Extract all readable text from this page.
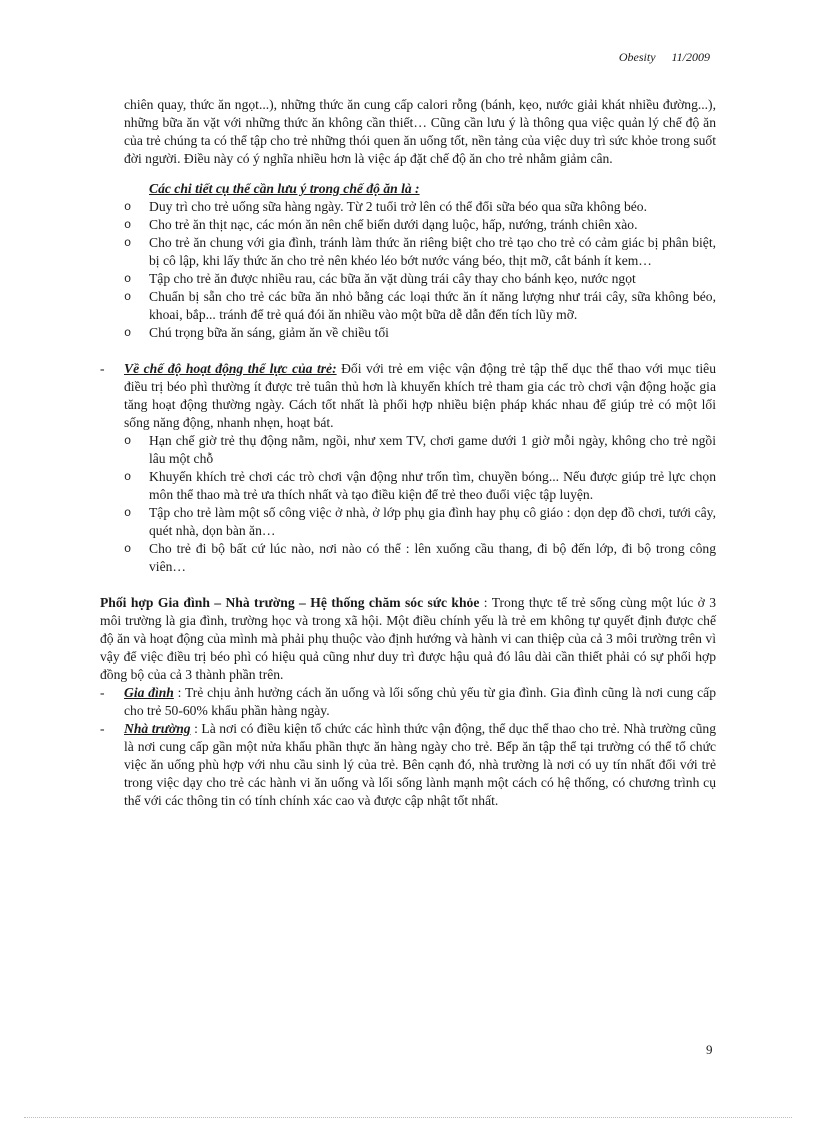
Obesity 11/2009

chiên quay, thức ăn ngọt...), những thức ăn cung cấp calori rỗng (bánh, kẹo, nước giải khát nhiều đường...), những bữa ăn vặt với những thức ăn không cần thiết… Cũng cần lưu ý là thông qua việc quản lý chế độ ăn của trẻ chúng ta có thể tập cho trẻ những thói quen ăn uống tốt, nền tảng của việc duy trì sức khỏe trong suốt đời người. Điều này có ý nghĩa nhiều hơn là việc áp đặt chế độ ăn cho trẻ nhằm giảm cân.

Các chi tiết cụ thể cần lưu ý trong chế độ ăn là :

o Duy trì cho trẻ uống sữa hàng ngày. Từ 2 tuổi trở lên có thể đổi sữa béo qua sữa không béo.
o Cho trẻ ăn thịt nạc, các món ăn nên chế biến dưới dạng luộc, hấp, nướng, tránh chiên xào.
o Cho trẻ ăn chung với gia đình, tránh làm thức ăn riêng biệt cho trẻ tạo cho trẻ có cảm giác bị phân biệt, bị cô lập, khi lấy thức ăn cho trẻ nên khéo léo bớt nước váng béo, thịt mỡ, cắt bánh ít kem…
o Tập cho trẻ ăn được nhiều rau, các bữa ăn vặt dùng trái cây thay cho bánh kẹo, nước ngọt
o Chuẩn bị sẵn cho trẻ các bữa ăn nhỏ bằng các loại thức ăn ít năng lượng như trái cây, sữa không béo, khoai, bắp... tránh để trẻ quá đói ăn nhiều vào một bữa dễ dẫn đến tích lũy mỡ.
o Chú trọng bữa ăn sáng, giảm ăn về chiều tối

- Về chế độ hoạt động thể lực của trẻ: Đối với trẻ em việc vận động trẻ tập thể dục thể thao với mục tiêu điều trị béo phì thường ít được trẻ tuân thủ hơn là khuyến khích trẻ tham gia các trò chơi vận động hoặc gia tăng hoạt động thường ngày. Cách tốt nhất là phối hợp nhiều biện pháp khác nhau để giúp trẻ có một lối sống năng động, nhanh nhẹn, hoạt bát.

o Hạn chế giờ trẻ thụ động nằm, ngồi, như xem TV, chơi game dưới 1 giờ mỗi ngày, không cho trẻ ngồi lâu một chỗ
o Khuyến khích trẻ chơi các trò chơi vận động như trốn tìm, chuyền bóng... Nếu được giúp trẻ lực chọn môn thể thao mà trẻ ưa thích nhất và tạo điều kiện để trẻ theo đuổi việc tập luyện.
o Tập cho trẻ làm một số công việc ở nhà, ở lớp phụ gia đình hay phụ cô giáo : dọn dẹp đồ chơi, tưới cây, quét nhà, dọn bàn ăn…
o Cho trẻ đi bộ bất cứ lúc nào, nơi nào có thể : lên xuống cầu thang, đi bộ đến lớp, đi bộ trong công viên…

Phối hợp Gia đình – Nhà trường – Hệ thống chăm sóc sức khỏe : Trong thực tế trẻ sống cùng một lúc ở 3 môi trường là gia đình, trường học và trong xã hội. Một điều chính yếu là trẻ em không tự quyết định được chế độ ăn và hoạt động của mình mà phải phụ thuộc vào định hướng và hành vi can thiệp của cả 3 môi trường trên vì vậy để việc điều trị béo phì có hiệu quả cũng như duy trì được hậu quả đó lâu dài cần thiết phải có sự phối hợp đồng bộ của cả 3 thành phần trên.

- Gia đình : Trẻ chịu ảnh hưởng cách ăn uống và lối sống chủ yếu từ gia đình. Gia đình cũng là nơi cung cấp cho trẻ 50-60% khẩu phần hàng ngày.

- Nhà trường : Là nơi có điều kiện tổ chức các hình thức vận động, thể dục thể thao cho trẻ. Nhà trường cũng là nơi cung cấp gần một nửa khẩu phần thực ăn hàng ngày cho trẻ. Bếp ăn tập thể tại trường có thể tổ chức việc ăn uống phù hợp với nhu cầu sinh lý của trẻ. Bên cạnh đó, nhà trường là nơi có uy tín nhất đối với trẻ trong việc dạy cho trẻ các hành vi ăn uống và lối sống lành mạnh một cách có hệ thống, có chương trình cụ thể với các thông tin có tính chính xác cao và được cập nhật tốt nhất.

9
